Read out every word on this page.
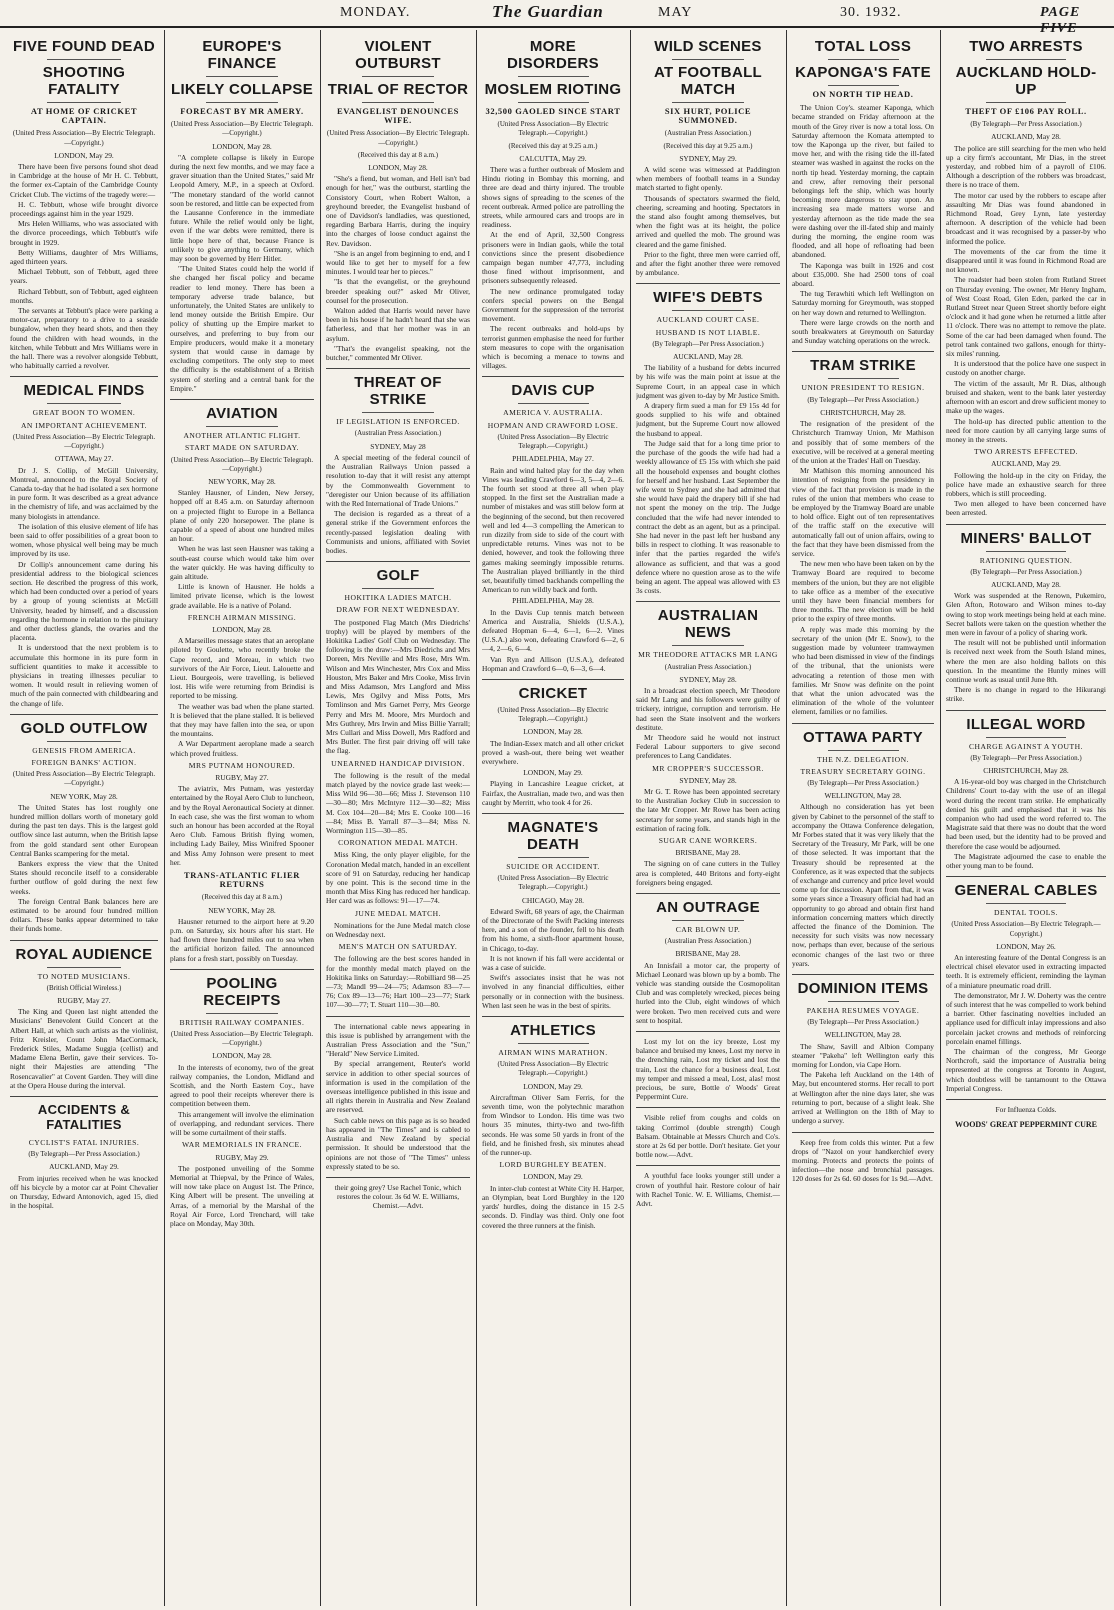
MONDAY.	The Guardian	MAY	30. 1932.	PAGE FIVE
FIVE FOUND DEAD
SHOOTING FATALITY
AT HOME OF CRICKET CAPTAIN.
(United Press Association—By Electric Telegraph.—Copyright.)
LONDON, May 29.

There have been five persons found shot dead in Cambridge at the house of Mr H. C. Tebbutt, the former ex-Captain of the Cambridge County Cricket Club. The victims of the tragedy were:—

H. C. Tebbutt, whose wife brought divorce proceedings against him in the year 1929.

Mrs Helen Williams, who was associated with the divorce proceedings, which Tebbutt's wife brought in 1929.

Betty Williams, daughter of Mrs Williams, aged thirteen years.

Michael Tebbutt, son of Tebbutt, aged three years.

Richard Tebbutt, son of Tebbutt, aged eighteen months.

The servants at Tebbutt's place were parking a motor-car, preparatory to a drive to a seaside bungalow, when they heard shots, and then they found the children with head wounds, in the kitchen, while Tebbutt and Mrs Williams were in the hall. There was a revolver alongside Tebbutt, who habitually carried a revolver.

MEDICAL FINDS
GREAT BOON TO WOMEN.
AN IMPORTANT ACHIEVEMENT.
(United Press Association—By Electric Telegraph.—Copyright.)
OTTAWA, May 27.

Dr J. S. Collip, of McGill University, Montreal, announced to the Royal Society of Canada to-day that he had isolated a sex hormone in pure form. It was described as a great advance in the chemistry of life, and was acclaimed by the many biologists in attendance.

The isolation of this elusive element of life has been said to offer possibilities of a great boon to women, whose physical well being may be much improved by its use.

Dr Collip's announcement came during his presidential address to the biological sciences section. He described the progress of this work, which had been conducted over a period of years by a group of young scientists at McGill University, headed by himself, and a discussion regarding the hormone in relation to the pituitary and other ductless glands, the ovaries and the placenta.

It is understood that the next problem is to accumulate this hormone in its pure form in sufficient quantities to make it accessible to physicians in treating illnesses peculiar to women. It would result in relieving women of much of the pain connected with childbearing and the change of life.

GOLD OUTFLOW
GENESIS FROM AMERICA.
FOREIGN BANKS' ACTION.
(United Press Association—By Electric Telegraph.—Copyright.)
NEW YORK, May 28.

The United States has lost roughly one hundred million dollars worth of monetary gold during the past ten days. This is the largest gold outflow since last autumn, when the British lapse from the gold standard sent other European Central Banks scampering for the metal.

Bankers express the view that the United States should reconcile itself to a considerable further outflow of gold during the next few weeks.

The foreign Central Bank balances here are estimated to be around four hundred million dollars. These banks appear determined to take their funds home.

ROYAL AUDIENCE
TO NOTED MUSICIANS.
(British Official Wireless.)
RUGBY, May 27.

The King and Queen last night attended the Musicians' Benevolent Guild Concert at the Albert Hall, at which such artists as the violinist, Fritz Kreisler, Count John MacCormack, Frederick Stiles, Madame Suggia (cellist) and Madame Elena Berlin, gave their services. To-night their Majesties are attending "The Rosencavalier" at Covent Garden. They will dine at the Opera House during the interval.

ACCIDENTS & FATALITIES
CYCLIST'S FATAL INJURIES.
(By Telegraph—Per Press Association.)
AUCKLAND, May 29.

From injuries received when he was knocked off his bicycle by a motor car at Point Chevalier on Thursday, Edward Antonovich, aged 15, died in the hospital.

EUROPE'S FINANCE
LIKELY COLLAPSE
FORECAST BY MR AMERY.
(United Press Association—By Electric Telegraph.—Copyright.)
LONDON, May 28.

"A complete collapse is likely in Europe during the next few months, and we may face a graver situation than the United States," said Mr Leopold Amery, M.P., in a speech at Oxford. "The monetary standard of the world cannot soon be restored, and little can be expected from the Lausanne Conference in the immediate future. While the relief would only be light, even if the war debts were remitted, there is little hope here of that, because France is unlikely to give anything to Germany, which may soon be governed by Herr Hitler.

"The United States could help the world if she changed her fiscal policy and became readier to lend money. There has been a temporary adverse trade balance, but unfortunately, the United States are unlikely to lend money outside the British Empire. Our policy of shutting up the Empire market to ourselves, and preferring to buy from our Empire producers, would make it a monetary system that would cause in damage by excluding competitors. The only step to meet the difficulty is the establishment of a British system of sterling and a central bank for the Empire."

AVIATION
ANOTHER ATLANTIC FLIGHT.
START MADE ON SATURDAY.
(United Press Association—By Electric Telegraph.—Copyright.)
NEW YORK, May 28.

Stanley Hausner, of Linden, New Jersey, hopped off at 8.45 a.m. on Saturday afternoon on a projected flight to Europe in a Bellanca plane of only 220 horsepower. The plane is capable of a speed of about one hundred miles an hour.

When he was last seen Hausner was taking a south-east course which would take him over the water quickly. He was having difficulty to gain altitude.

Little is known of Hausner. He holds a limited private license, which is the lowest grade available. He is a native of Poland.

FRENCH AIRMAN MISSING.
LONDON, May 28.

A Marseilles message states that an aeroplane piloted by Goulette, who recently broke the Cape record, and Moreau, in which two survivors of the Air Force, Lieut. Lalouette and Lieut. Bourgeois, were travelling, is believed lost. His wife were returning from Brindisi is reported to be missing.

The weather was bad when the plane started. It is believed that the plane stalled. It is believed that they may have fallen into the sea, or upon the mountains.

A War Department aeroplane made a search which proved fruitless.

MRS PUTNAM HONOURED.
RUGBY, May 27.

The aviatrix, Mrs Putnam, was yesterday entertained by the Royal Aero Club to luncheon, and by the Royal Aeronautical Society at dinner. In each case, she was the first woman to whom such an honour has been accorded at the Royal Aero Club. Famous British flying women, including Lady Bailey, Miss Winifred Spooner and Miss Amy Johnson were present to meet her.

TRANS-ATLANTIC FLIER RETURNS
(Received this day at 8 a.m.)
NEW YORK, May 28.

Hausner returned to the airport here at 9.20 p.m. on Saturday, six hours after his start. He had flown three hundred miles out to sea when the artificial horizon failed. The announced plans for a fresh start, possibly on Tuesday.

POOLING RECEIPTS
BRITISH RAILWAY COMPANIES.
(United Press Association—By Electric Telegraph.—Copyright.)
LONDON, May 28.

In the interests of economy, two of the great railway companies, the London, Midland and Scottish, and the North Eastern Coy., have agreed to pool their receipts wherever there is competition between them.

This arrangement will involve the elimination of overlapping, and redundant services. There will be some curtailment of their staffs.

WAR MEMORIALS IN FRANCE.
RUGBY, May 29.

The postponed unveiling of the Somme Memorial at Thiepval, by the Prince of Wales, will now take place on August 1st. The Prince, King Albert will be present. The unveiling at Arras, of a memorial by the Marshal of the Royal Air Force, Lord Trenchard, will take place on Monday, May 30th.

VIOLENT OUTBURST
TRIAL OF RECTOR
EVANGELIST DENOUNCES WIFE.
(United Press Association—By Electric Telegraph.—Copyright.)
(Received this day at 8 a.m.)
LONDON, May 28.

"She's a fiend, but woman, and Hell isn't bad enough for her," was the outburst, startling the Consistory Court, when Robert Walton, a greyhound breeder, the Evangelist husband of one of Davidson's landladies, was questioned, regarding Barbara Harris, during the inquiry into the charges of loose conduct against the Rev. Davidson.

"She is an angel from beginning to end, and I would like to get her to myself for a few minutes. I would tear her to pieces."

"Is that the evangelist, or the greyhound breeder speaking out?" asked Mr Oliver, counsel for the prosecution.

Walton added that Harris would never have been in his house if he hadn't heard that she was fatherless, and that her mother was in an asylum.

"That's the evangelist speaking, not the butcher," commented Mr Oliver.

THREAT OF STRIKE
IF LEGISLATION IS ENFORCED.
(Australian Press Association.)
SYDNEY, May 28

A special meeting of the federal council of the Australian Railways Union passed a resolution to-day that it will resist any attempt by the Commonwealth Government to "deregister our Union because of its affiliation with the Red International of Trade Unions."

The decision is regarded as a threat of a general strike if the Government enforces the recently-passed legislation dealing with Communists and unions, affiliated with Soviet bodies.

GOLF
HOKITIKA LADIES MATCH.
DRAW FOR NEXT WEDNESDAY.

The postponed Flag Match (Mrs Diedrichs' trophy) will be played by members of the Hokitika Ladies' Golf Club on Wednesday. The following is the draw:—Mrs Diedrichs and Mrs Doreen, Mrs Neville and Mrs Rose, Mrs Wm. Wilson and Mrs Winchester, Mrs Cox and Miss Houston, Mrs Baker and Mrs Cooke, Miss Irvin and Miss Adamson, Mrs Langford and Miss Lewis, Mrs Ogilvy and Miss Potts, Mrs Tomlinson and Mrs Garnet Perry, Mrs George Perry and Mrs M. Moore, Mrs Murdoch and Mrs Guthrey, Mrs Irwin and Miss Billie Yarrall; Mrs Cullari and Miss Dowell, Mrs Radford and Mrs Butler. The first pair driving off will take the flag.

UNEARNED HANDICAP DIVISION.

The following is the result of the medal match played by the novice grade last week:—Miss Wild 96—30—66; Miss J. Stevenson 110—30—80; Mrs McIntyre 112—30—82; Miss M. Cox 104—20—84; Mrs E. Cooke 100—16—84; Miss B. Yarrall 87—3—84; Miss N. Wormington 115—30—85.

CORONATION MEDAL MATCH.

Miss King, the only player eligible, for the Coronation Medal match, handed in an excellent score of 91 on Saturday, reducing her handicap by one point. This is the second time in the month that Miss King has reduced her handicap. Her card was as follows: 91—17—74.

JUNE MEDAL MATCH.

Nominations for the June Medal match close on Wednesday next.

MEN'S MATCH ON SATURDAY.

The following are the best scores handed in for the monthly medal match played on the Hokitika links on Saturday:—Robilliard 98—25—73; Mandl 99—24—75; Adamson 83—7—76; Cox 89—13—76; Hart 100—23—77; Stark 107—30—77; T. Stuart 110—30—80.

The international cable news appearing in this issue is published by arrangement with the Australian Press Association and the "Sun," "Herald" New Service Limited.

By special arrangement, Reuter's world service in addition to other special sources of information is used in the compilation of the overseas intelligence published in this issue and all rights therein in Australia and New Zealand are reserved.

Such cable news on this page as is so headed has appeared in "The Times" and is cabled to Australia and New Zealand by special permission. It should be understood that the opinions are not those of "The Times" unless expressly stated to be so.

their going grey? Use Rachel Tonic, which restores the colour. 3s 6d W. E. Williams, Chemist.—Advt.
MORE DISORDERS
MOSLEM RIOTING
32,500 GAOLED SINCE START
(United Press Association—By Electric Telegraph.—Copyright.)
(Received this day at 9.25 a.m.)
CALCUTTA, May 29.

There was a further outbreak of Moslem and Hindu rioting in Bombay this morning, and three are dead and thirty injured. The trouble shows signs of spreading to the scenes of the recent outbreak. Armed police are patrolling the streets, while armoured cars and troops are in readiness.

At the end of April, 32,500 Congress prisoners were in Indian gaols, while the total convictions since the present disobedience campaign began number 47,773, including those fined without imprisonment, and prisoners subsequently released.

The new ordinance promulgated today confers special powers on the Bengal Government for the suppression of the terrorist movement.

The recent outbreaks and hold-ups by terrorist gunmen emphasise the need for further stern measures to cope with the organisation which is becoming a menace to towns and villages.

DAVIS CUP
AMERICA V. AUSTRALIA.
HOPMAN AND CRAWFORD LOSE.
(United Press Association—By Electric Telegraph.—Copyright.)
PHILADELPHIA, May 27.

Rain and wind halted play for the day when Vines was leading Crawford 6—3, 5—4, 2—6. The fourth set stood at three all when play stopped. In the first set the Australian made a number of mistakes and was still below form at the beginning of the second, but then recovered well and led 4—3 compelling the American to run dizzily from side to side of the court with unpredictable returns. Vines was not to be denied, however, and took the following three games making seemingly impossible returns. The Australian played brilliantly in the third set, beautifully timed backhands compelling the American to run wildly back and forth.

PHILADELPHIA, May 28.

In the Davis Cup tennis match between America and Australia, Shields (U.S.A.), defeated Hopman 6—4, 6—1, 6—2. Vines (U.S.A.) also won, defeating Crawford 6—2, 6—4, 2—6, 6—4.

Van Ryn and Allison (U.S.A.), defeated Hopman and Crawford 6—0, 6—3, 6—4.

CRICKET
(United Press Association—By Electric Telegraph.—Copyright.)
LONDON, May 28.

The Indian-Essex match and all other cricket proved a wash-out, there being wet weather everywhere.

LONDON, May 29.

Playing in Lancashire League cricket, at Fairfax, the Australian, made two, and was then caught by Merritt, who took 4 for 26.

MAGNATE'S DEATH
SUICIDE OR ACCIDENT.
(United Press Association—By Electric Telegraph.—Copyright.)
CHICAGO, May 28.

Edward Swift, 68 years of age, the Chairman of the Directorate of the Swift Packing interests here, and a son of the founder, fell to his death from his home, a sixth-floor apartment house, in Chicago, to-day.

It is not known if his fall were accidental or was a case of suicide.

Swift's associates insist that he was not involved in any financial difficulties, either personally or in connection with the business. When last seen he was in the best of spirits.

ATHLETICS
AIRMAN WINS MARATHON.
(United Press Association—By Electric Telegraph.—Copyright.)
LONDON, May 29.

Aircraftman Oliver Sam Ferris, for the seventh time, won the polytechnic marathon from Windsor to London. His time was two hours 35 minutes, thirty-two and two-fifth seconds. He was some 50 yards in front of the field, and he finished fresh, six minutes ahead of the runner-up.

LORD BURGHLEY BEATEN.
LONDON, May 29.

In inter-club contest at White City H. Harper, an Olympian, beat Lord Burghley in the 120 yards' hurdles, doing the distance in 15 2-5 seconds. D. Findlay was third. Only one foot covered the three runners at the finish.

WILD SCENES
AT FOOTBALL MATCH
SIX HURT, POLICE SUMMONED.
(Australian Press Association.)
(Received this day at 9.25 a.m.)
SYDNEY, May 29.

A wild scene was witnessed at Paddington when members of football teams in a Sunday match started to fight openly.

Thousands of spectators swarmed the field, cheering, screaming and hooting. Spectators in the stand also fought among themselves, but when the fight was at its height, the police arrived and quelled the mob. The ground was cleared and the game finished.

Prior to the fight, three men were carried off, and after the fight another three were removed by ambulance.

WIFE'S DEBTS
AUCKLAND COURT CASE.
HUSBAND IS NOT LIABLE.
(By Telegraph—Per Press Association.)
AUCKLAND, May 28.

The liability of a husband for debts incurred by his wife was the main point at issue at the Supreme Court, in an appeal case in which judgment was given to-day by Mr Justice Smith.

A drapery firm sued a man for £9 15s 4d for goods supplied to his wife and obtained judgment, but the Supreme Court now allowed the husband to appeal.

The Judge said that for a long time prior to the purchase of the goods the wife had had a weekly allowance of £5 15s with which she paid all the household expenses and bought clothes for herself and her husband. Last September the wife went to Sydney and she had admitted that she would have paid the drapery bill if she had not spent the money on the trip. The Judge concluded that the wife had never intended to contract the debt as an agent, but as a principal. She had never in the past left her husband any bills in respect to clothing. It was reasonable to infer that the parties regarded the wife's allowance as sufficient, and that was a good defence where no question arose as to the wife being an agent. The appeal was allowed with £3 3s costs.

AUSTRALIAN NEWS
MR THEODORE ATTACKS MR LANG
(Australian Press Association.)
SYDNEY, May 28.

In a broadcast election speech, Mr Theodore said Mr Lang and his followers were guilty of trickery, intrigue, corruption and terrorism. He had seen the State insolvent and the workers destitute.

Mr Theodore said he would not instruct Federal Labour supporters to give second preferences to Lang Candidates.

MR CROPPER'S SUCCESSOR.
SYDNEY, May 28.

Mr G. T. Rowe has been appointed secretary to the Australian Jockey Club in succession to the late Mr Cropper. Mr Rowe has been acting secretary for some years, and stands high in the estimation of racing folk.

SUGAR CANE WORKERS.
BRISBANE, May 28.

The signing on of cane cutters in the Tulley area is completed, 440 Britons and forty-eight foreigners being engaged.

AN OUTRAGE
CAR BLOWN UP.
(Australian Press Association.)
BRISBANE, May 28.

An Innisfail a motor car, the property of Michael Leonard was blown up by a bomb. The vehicle was standing outside the Cosmopolitan Club and was completely wrecked, pieces being hurled into the Club, eight windows of which were broken. Two men received cuts and were sent to hospital.

Lost my lot on the icy breeze, Lost my balance and bruised my knees, Lost my nerve in the drenching rain, Lost my ticket and lost the train, Lost the chance for a business deal, Lost my temper and missed a meal, Lost, alas! most precious, be sure, Bottle o' Woods' Great Peppermint Cure.

Visible relief from coughs and colds on taking Corrimol (double strength) Cough Balsam. Obtainable at Messrs Church and Co's. store at 2s 6d per bottle. Don't hesitate. Get your bottle now.—Advt.

A youthful face looks younger still under a crown of youthful hair. Restore colour of hair with Rachel Tonic. W. E. Williams, Chemist.—Advt.

TOTAL LOSS
KAPONGA'S FATE
ON NORTH TIP HEAD.

The Union Coy's. steamer Kaponga, which became stranded on Friday afternoon at the mouth of the Grey river is now a total loss. On Saturday afternoon the Komata attempted to tow the Kaponga up the river, but failed to move her, and with the rising tide the ill-fated steamer was washed in against the rocks on the north tip head. Yesterday morning, the captain and crew, after removing their personal belongings left the ship, which was hourly becoming more dangerous to stay upon. An increasing sea made matters worse and yesterday afternoon as the tide made the sea were dashing over the ill-fated ship and mainly during the morning, the engine room was flooded, and all hope of refloating had been abandoned.

The Kaponga was built in 1926 and cost about £35,000. She had 2500 tons of coal aboard.

The tug Terawhiti which left Wellington on Saturday morning for Greymouth, was stopped on her way down and returned to Wellington.

There were large crowds on the north and south breakwaters at Greymouth on Saturday and Sunday watching operations on the wreck.

TRAM STRIKE
UNION PRESIDENT TO RESIGN.
(By Telegraph—Per Press Association.)
CHRISTCHURCH, May 28.

The resignation of the president of the Christchurch Tramway Union, Mr Mathison and possibly that of some members of the executive, will be received at a general meeting of the union at the Trades' Hall on Tuesday.

Mr Mathison this morning announced his intention of resigning from the presidency in view of the fact that provision is made in the rules of the union that members who cease to be employed by the Tramway Board are unable to hold office. Eight out of ten representatives of the traffic staff on the executive will automatically fall out of union affairs, owing to the fact that they have been dismissed from the service.

The new men who have been taken on by the Tramway Board are required to become members of the union, but they are not eligible to take office as a member of the executive until they have been financial members for three months. The new election will be held prior to the expiry of three months.

A reply was made this morning by the secretary of the union (Mr E. Snow), to the suggestion made by volunteer tramwaymen who had been dismissed in view of the findings of the tribunal, that the unionists were advocating a retention of those men with families. Mr Snow was definite on the point that what the union advocated was the elimination of the whole of the volunteer element, families or no families.

OTTAWA PARTY
THE N.Z. DELEGATION.
TREASURY SECRETARY GOING.
(By Telegraph—Per Press Association.)
WELLINGTON, May 28.

Although no consideration has yet been given by Cabinet to the personnel of the staff to accompany the Ottawa Conference delegation, Mr Forbes stated that it was very likely that the Secretary of the Treasury, Mr Park, will be one of those selected. It was important that the Treasury should be represented at the Conference, as it was expected that the subjects of exchange and currency and price level would come up for discussion. Apart from that, it was some years since a Treasury official had had an opportunity to go abroad and obtain first hand information concerning matters which directly affected the finance of the Dominion. The necessity for such visits was now necessary now, perhaps than ever, because of the serious economic changes of the last two or three years.

DOMINION ITEMS
PAKEHA RESUMES VOYAGE.
(By Telegraph—Per Press Association.)
WELLINGTON, May 28.

The Shaw, Savill and Albion Company steamer "Pakeha" left Wellington early this morning for London, via Cape Horn.

The Pakeha left Auckland on the 14th of May, but encountered storms. Her recall to port at Wellington after the nine days later, she was returning to port, because of a slight leak. She arrived at Wellington on the 18th of May to undergo a survey.

Keep free from colds this winter. Put a few drops of "Nazol on your handkerchief every morning. Protects and protects the points of infection—the nose and bronchial passages. 120 doses for 2s 6d. 60 doses for 1s 9d.—Advt.

TWO ARRESTS
AUCKLAND HOLD-UP
THEFT OF £106 PAY ROLL.
(By Telegraph—Per Press Association.)
AUCKLAND, May 28.

The police are still searching for the men who held up a city firm's accountant, Mr Dias, in the street yesterday, and robbed him of a payroll of £106. Although a description of the robbers was broadcast, there is no trace of them.

The motor car used by the robbers to escape after assaulting Mr Dias was found abandoned in Richmond Road, Grey Lynn, late yesterday afternoon. A description of the vehicle had been broadcast and it was recognised by a passer-by who informed the police.

The movements of the car from the time it disappeared until it was found in Richmond Road are not known.

The roadster had been stolen from Rutland Street on Thursday evening. The owner, Mr Henry Ingham, of West Coast Road, Glen Eden, parked the car in Rutland Street near Queen Street shortly before eight o'clock and it had gone when he returned a little after 11 o'clock. There was no attempt to remove the plate. Some of the car had been damaged when found. The petrol tank contained two gallons, enough for thirty-six miles' running.

It is understood that the police have one suspect in custody on another charge.

The victim of the assault, Mr R. Dias, although bruised and shaken, went to the bank later yesterday afternoon with an escort and drew sufficient money to make up the wages.

The hold-up has directed public attention to the need for more caution by all carrying large sums of money in the streets.

TWO ARRESTS EFFECTED.
AUCKLAND, May 29.

Following the hold-up in the city on Friday, the police have made an exhaustive search for three robbers, which is still proceeding.

Two men alleged to have been concerned have been arrested.

MINERS' BALLOT
RATIONING QUESTION.
(By Telegraph—Per Press Association.)
AUCKLAND, May 28.

Work was suspended at the Renown, Pukemiro, Glen Afton, Rotowaro and Wilson mines to-day owing to stop work meetings being held at each mine. Secret ballots were taken on the question whether the men were in favour of a policy of sharing work.

The result will not be published until information is received next week from the South Island mines, where the men are also holding ballots on this question. In the meantime the Huntly mines will continue work as usual until June 8th.

There is no change in regard to the Hikurangi strike.

ILLEGAL WORD
CHARGE AGAINST A YOUTH.
(By Telegraph—Per Press Association.)
CHRISTCHURCH, May 28.

A 16-year-old boy was charged in the Christchurch Childrens' Court to-day with the use of an illegal word during the recent tram strike. He emphatically denied his guilt and emphasised that it was his companion who had used the word referred to. The Magistrate said that there was no doubt that the word had been used, but the identity had to be proved and therefore the case would be adjourned.

The Magistrate adjourned the case to enable the other young man to be found.

GENERAL CABLES
DENTAL TOOLS.
(United Press Association—By Electric Telegraph.—Copyright.)
LONDON, May 26.

An interesting feature of the Dental Congress is an electrical chisel elevator used in extracting impacted teeth. It is extremely efficient, reminding the layman of a miniature pneumatic road drill.

The demonstrator, Mr J. W. Doherty was the centre of such interest that he was compelled to work behind a barrier. Other fascinating novelties included an appliance used for difficult inlay impressions and also porcelain jacket crowns and methods of reinforcing porcelain enamel fillings.

The chairman of the congress, Mr George Northcroft, said the importance of Australia being represented at the congress at Toronto in August, which doubtless will be tantamount to the Ottawa Imperial Congress.

For Influenza Colds.
WOODS' GREAT PEPPERMINT CURE
